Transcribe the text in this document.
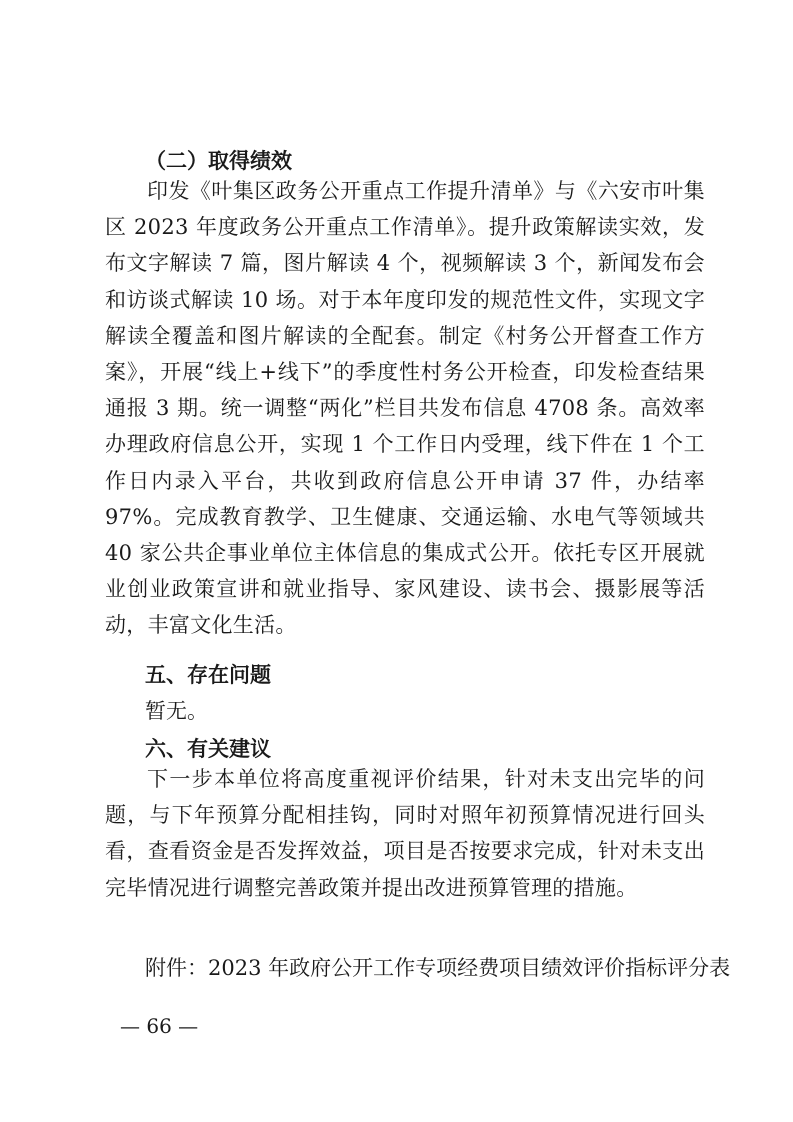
（二）取得绩效
印发《叶集区政务公开重点工作提升清单》与《六安市叶集区 2023 年度政务公开重点工作清单》。提升政策解读实效，发布文字解读 7 篇，图片解读 4 个，视频解读 3 个，新闻发布会和访谈式解读 10 场。对于本年度印发的规范性文件，实现文字解读全覆盖和图片解读的全配套。制定《村务公开督查工作方案》，开展“线上+线下”的季度性村务公开检查，印发检查结果通报 3 期。统一调整“两化”栏目共发布信息 4708 条。高效率办理政府信息公开，实现 1 个工作日内受理，线下件在 1 个工作日内录入平台，共收到政府信息公开申请 37 件，办结率 97%。完成教育教学、卫生健康、交通运输、水电气等领域共 40 家公共企事业单位主体信息的集成式公开。依托专区开展就业创业政策宣讲和就业指导、家风建设、读书会、摄影展等活动，丰富文化生活。
五、存在问题
暂无。
六、有关建议
下一步本单位将高度重视评价结果，针对未支出完毕的问题，与下年预算分配相挂钩，同时对照年初预算情况进行回头看，查看资金是否发挥效益，项目是否按要求完成，针对未支出完毕情况进行调整完善政策并提出改进预算管理的措施。
附件：2023 年政府公开工作专项经费项目绩效评价指标评分表
— 66 —
